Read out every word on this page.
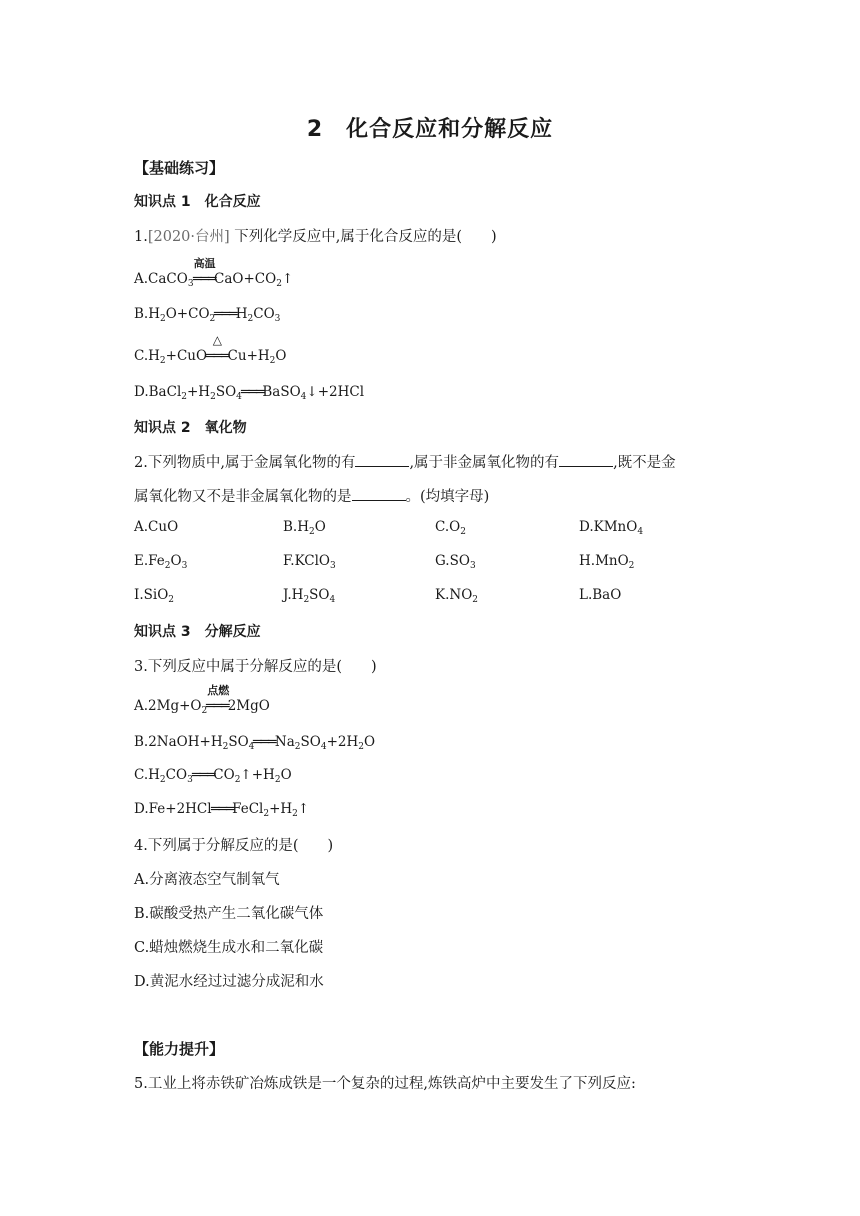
2　化合反应和分解反应
【基础练习】
知识点 1　化合反应
1.[2020·台州] 下列化学反应中,属于化合反应的是(　　)
A.CaCO$_3$
高温
$═══CaO+CO_2↑$
$B.H_2O+CO_2═══H_2CO_3$
$C.H_2+CuO$
△
$═══Cu+H_2O$
$D.BaCl_2+H_2SO_4═══BaSO_4↓+2HCl$
知识点 2　氧化物
2.下列物质中,属于金属氧化物的有	,属于非金属氧化物的有	,既不是金
属氧化物又不是非金属氧化物的是	。(均填字母)
A.CuO	$B.H_2O$	$C.O_2$	D.KMnO$_4$
$E.Fe_2O_3$	F.KClO$_3$	$G.SO_3$	H.MnO$_2$
I.SiO$_2$	$J.H_2SO_4$	$K.NO_2$	L.BaO
知识点 3　分解反应
3.下列反应中属于分解反应的是(　　)
$A.2Mg+O_2$
点燃
═══2MgO
$B.2NaOH+H_2SO_4═══Na_2SO_4+2H_2O$
$C.H_2CO_3═══CO_2↑+H_2O$
$D.Fe+2HCl═══FeCl_2+H_2↑$
4.下列属于分解反应的是(　　)
A.分离液态空气制氧气
B.碳酸受热产生二氧化碳气体
C.蜡烛燃烧生成水和二氧化碳
D.黄泥水经过过滤分成泥和水
【能力提升】
5.工业上将赤铁矿冶炼成铁是一个复杂的过程,炼铁高炉中主要发生了下列反应:
